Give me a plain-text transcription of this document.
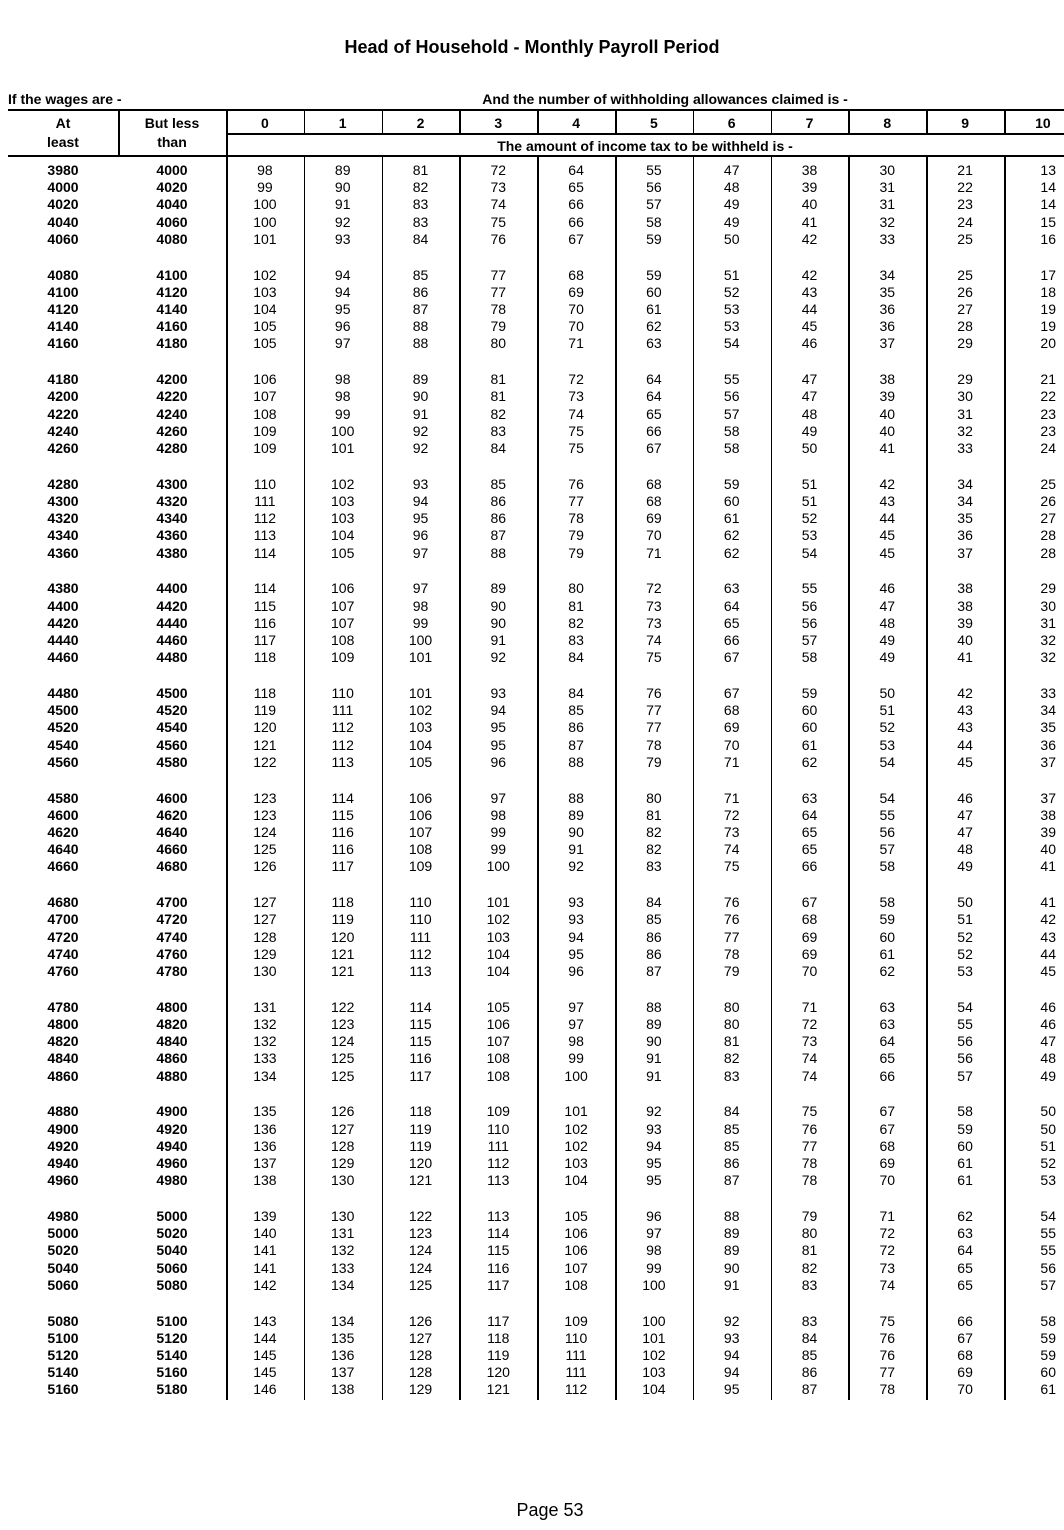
Head of Household - Monthly Payroll Period
If the wages are -	And the number of withholding allowances claimed is -
At
least
But less
than	The amount of income tax to be withheld is -
0	1	2	3	4	5	6	7	8	9	10
3980	4000	98	89	81	72	64	55	47	38	30	21	13
4000	4020	99	90	82	73	65	56	48	39	31	22	14
4020	4040	100	91	83	74	66	57	49	40	31	23	14
4040	4060	100	92	83	75	66	58	49	41	32	24	15
4060	4080	101	93	84	76	67	59	50	42	33	25	16
4080	4100	102	94	85	77	68	59	51	42	34	25	17
4100	4120	103	94	86	77	69	60	52	43	35	26	18
4120	4140	104	95	87	78	70	61	53	44	36	27	19
4140	4160	105	96	88	79	70	62	53	45	36	28	19
4160	4180	105	97	88	80	71	63	54	46	37	29	20
4180	4200	106	98	89	81	72	64	55	47	38	29	21
4200	4220	107	98	90	81	73	64	56	47	39	30	22
4220	4240	108	99	91	82	74	65	57	48	40	31	23
4240	4260	109	100	92	83	75	66	58	49	40	32	23
4260	4280	109	101	92	84	75	67	58	50	41	33	24
4280	4300	110	102	93	85	76	68	59	51	42	34	25
4300	4320	111	103	94	86	77	68	60	51	43	34	26
4320	4340	112	103	95	86	78	69	61	52	44	35	27
4340	4360	113	104	96	87	79	70	62	53	45	36	28
4360	4380	114	105	97	88	79	71	62	54	45	37	28
4380	4400	114	106	97	89	80	72	63	55	46	38	29
4400	4420	115	107	98	90	81	73	64	56	47	38	30
4420	4440	116	107	99	90	82	73	65	56	48	39	31
4440	4460	117	108	100	91	83	74	66	57	49	40	32
4460	4480	118	109	101	92	84	75	67	58	49	41	32
4480	4500	118	110	101	93	84	76	67	59	50	42	33
4500	4520	119	111	102	94	85	77	68	60	51	43	34
4520	4540	120	112	103	95	86	77	69	60	52	43	35
4540	4560	121	112	104	95	87	78	70	61	53	44	36
4560	4580	122	113	105	96	88	79	71	62	54	45	37
4580	4600	123	114	106	97	88	80	71	63	54	46	37
4600	4620	123	115	106	98	89	81	72	64	55	47	38
4620	4640	124	116	107	99	90	82	73	65	56	47	39
4640	4660	125	116	108	99	91	82	74	65	57	48	40
4660	4680	126	117	109	100	92	83	75	66	58	49	41
4680	4700	127	118	110	101	93	84	76	67	58	50	41
4700	4720	127	119	110	102	93	85	76	68	59	51	42
4720	4740	128	120	111	103	94	86	77	69	60	52	43
4740	4760	129	121	112	104	95	86	78	69	61	52	44
4760	4780	130	121	113	104	96	87	79	70	62	53	45
4780	4800	131	122	114	105	97	88	80	71	63	54	46
4800	4820	132	123	115	106	97	89	80	72	63	55	46
4820	4840	132	124	115	107	98	90	81	73	64	56	47
4840	4860	133	125	116	108	99	91	82	74	65	56	48
4860	4880	134	125	117	108	100	91	83	74	66	57	49
4880	4900	135	126	118	109	101	92	84	75	67	58	50
4900	4920	136	127	119	110	102	93	85	76	67	59	50
4920	4940	136	128	119	111	102	94	85	77	68	60	51
4940	4960	137	129	120	112	103	95	86	78	69	61	52
4960	4980	138	130	121	113	104	95	87	78	70	61	53
4980	5000	139	130	122	113	105	96	88	79	71	62	54
5000	5020	140	131	123	114	106	97	89	80	72	63	55
5020	5040	141	132	124	115	106	98	89	81	72	64	55
5040	5060	141	133	124	116	107	99	90	82	73	65	56
5060	5080	142	134	125	117	108	100	91	83	74	65	57
5080	5100	143	134	126	117	109	100	92	83	75	66	58
5100	5120	144	135	127	118	110	101	93	84	76	67	59
5120	5140	145	136	128	119	111	102	94	85	76	68	59
5140	5160	145	137	128	120	111	103	94	86	77	69	60
5160	5180	146	138	129	121	112	104	95	87	78	70	61
Page 53
